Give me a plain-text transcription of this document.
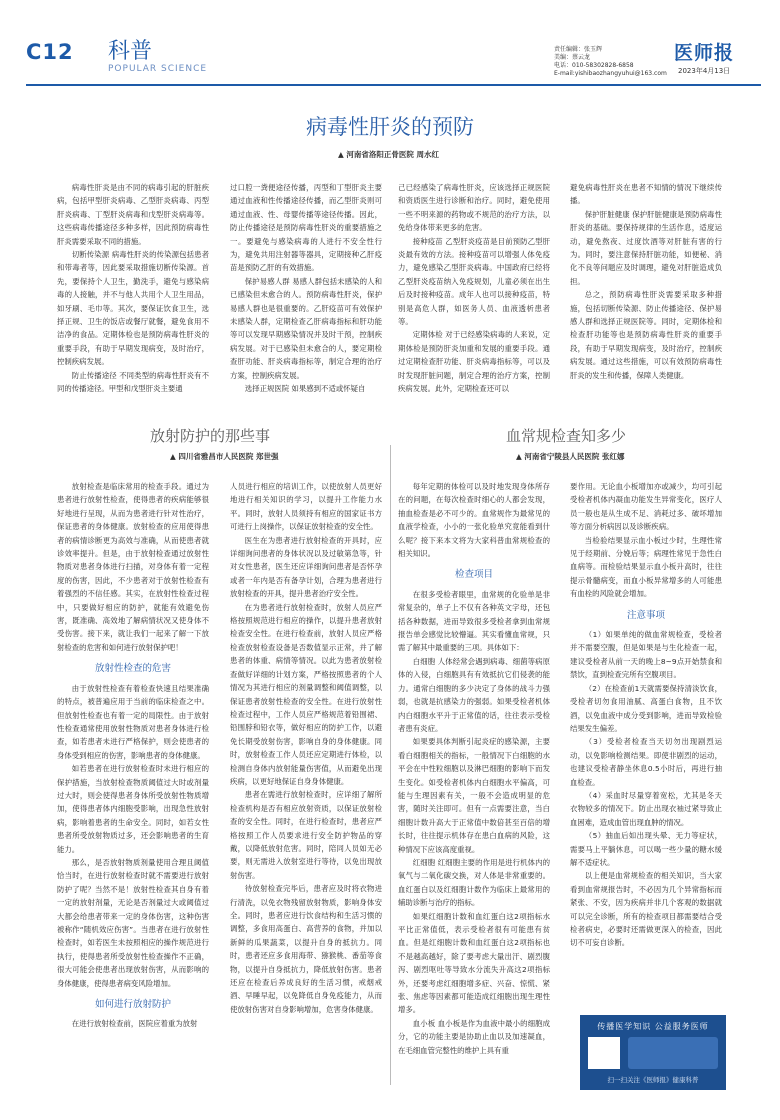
C12 科普
POPULAR SCIENCE
责任编辑：张玉辉
美编：蔡云龙
电话：010-58302828-6858
E-mail:yishibaozhangyuhui@163.com
医师报
2023年4月13日
病毒性肝炎的预防
▲ 河南省洛阳正骨医院 周水红

病毒性肝炎是由不同的病毒引起的肝脏疾病，包括甲型肝炎病毒、乙型肝炎病毒、丙型肝炎病毒、丁型肝炎病毒和戊型肝炎病毒等。这些病毒传播途径多种多样，因此预防病毒性肝炎需要采取不同的措施。

切断传染源 病毒性肝炎的传染源包括患者和带毒者等，因此要采取措施切断传染源。首先，要保持个人卫生，勤洗手，避免与感染病毒的人接触，并不与他人共用个人卫生用品，如牙刷、毛巾等。其次，要保证饮食卫生，选择正规、卫生的饭店或餐厅就餐，避免食用不洁净的食品。定期体检也是预防病毒性肝炎的重要手段，有助于早期发现病变，及时治疗，控制疾病发展。

防止传播途径 不同类型的病毒性肝炎有不同的传播途径。甲型和戊型肝炎主要通

过口腔一粪便途径传播，丙型和丁型肝炎主要通过血液和性传播途径传播，而乙型肝炎则可通过血液、性、母婴传播等途径传播。因此，防止传播途径是预防病毒性肝炎的重要措施之一。要避免与感染病毒的人进行不安全性行为，避免共用注射器等器具，定期接种乙肝疫苗是预防乙肝的有效措施。

保护易感人群 易感人群包括未感染的人和已感染但未愈合的人。预防病毒性肝炎，保护易感人群也是很重要的。乙肝疫苗可有效保护未感染人群，定期检查乙肝病毒指标和肝功能等可以发现早期感染情况并及时干预，控制疾病发展。对于已感染但未愈合的人，要定期检查肝功能、肝炎病毒指标等，制定合理的治疗方案，控制疾病发展。

选择正规医院 如果感到不适或怀疑自

己已经感染了病毒性肝炎，应该选择正规医院和资质医生进行诊断和治疗。同时，避免使用一些不明来源的药物或不规范的治疗方法，以免给身体带来更多的危害。

接种疫苗 乙型肝炎疫苗是目前预防乙型肝炎最有效的方法。接种疫苗可以增强人体免疫力，避免感染乙型肝炎病毒。中国政府已经将乙型肝炎疫苗纳入免疫规划，儿童必须在出生后及时接种疫苗。成年人也可以接种疫苗，特别是高危人群，如医务人员、血液透析患者等。

定期体检 对于已经感染病毒的人来说，定期体检是预防肝炎加重和发展的重要手段。通过定期检查肝功能、肝炎病毒指标等，可以及时发现肝脏问题，制定合理的治疗方案，控制疾病发展。此外，定期检查还可以

避免病毒性肝炎在患者不知情的情况下继续传播。

保护肝脏健康 保护肝脏健康是预防病毒性肝炎的基础。要保持规律的生活作息，适度运动，避免熬夜、过度饮酒等对肝脏有害的行为。同时，要注意保持肝脏功能，如便秘、消化不良等问题应及时调理，避免对肝脏造成负担。

总之，预防病毒性肝炎需要采取多种措施，包括切断传染源、防止传播途径、保护易感人群和选择正规医院等。同时，定期体检和检查肝功能等也是预防病毒性肝炎的重要手段，有助于早期发现病变，及时治疗，控制疾病发展。通过这些措施，可以有效预防病毒性肝炎的发生和传播，保障人类健康。

放射防护的那些事
▲ 四川省雅昌市人民医院 郑世强

放射检查是临床常用的检查手段。通过为患者进行放射性检查，使得患者的疾病能够很好地进行呈现，从而为患者进行针对性治疗，保证患者的身体健康。放射检查的应用使得患者的病情诊断更为高效与准确，从而使患者就诊效率提升。但是，由于放射检查通过放射性物质对患者身体进行扫描，对身体有着一定程度的伤害，因此，不少患者对于放射性检查有着强烈的不信任感。其实，在放射性检查过程中，只要做好相应的防护，就能有效避免伤害，既准确、高效地了解病情状况又使身体不受伤害。接下来，就让我们一起来了解一下放射检查的危害和如何进行放射保护吧！

放射性检查的危害

由于放射性检查有着检查快速且结果准确的特点，被普遍应用于当前的临床检查之中。但放射性检查也有着一定的局限性。由于放射性检查通常使用放射性物质对患者身体进行检查，如若患者未进行严格保护，则会使患者的身体受到相应的伤害，影响患者的身体健康。

如若患者在进行放射检查时未进行相应的保护措施，当放射检查物质阈值过大时或剂量过大时，则会使得患者身体所受放射性物质增加，使得患者体内细胞受影响，出现急性放射病，影响着患者的生命安全。同时，如若女性患者所受放射物质过多，还会影响患者的生育能力。

那么，是否放射物质剂量使用合理且阈值恰当时，在进行放射检查时就不需要进行放射防护了呢？当然不是！放射性检查其自身有着一定的放射剂量，无论是否剂量过大或阈值过大都会给患者带来一定的身体伤害，这种伤害被称作“随机效应伤害”。当患者在进行放射性检查时，如若医生未按照相应的操作规范进行执行，使得患者所受放射性检查操作不正确，很大可能会使患者出现放射伤害，从而影响的身体健康，使得患者病变风险增加。

如何进行放射防护

在进行放射检查前，医院应着重为放射

人员进行相应的培训工作，以使放射人员更好地进行相关知识的学习，以提升工作能力水平。同时，放射人员须持有相应的国家证书方可进行上岗操作，以保证放射检查的安全性。

医生在为患者进行放射检查的开具时，应详细询问患者的身体状况以及过敏第急等，针对女性患者，医生还应详细询问患者是否怀孕或者一年内是否有备孕计划，合理为患者进行放射检查的开具，提升患者治疗安全性。

在为患者进行放射检查时，放射人员应严格按照规范进行相应的操作，以提升患者放射检查安全性。在进行检查前，放射人员应严格检查放射检查设备是否数值显示正常，并了解患者的体重、病情等情况。以此为患者放射检查做好详细的计划方案，严格按照患者的个人情况为其进行相应的剂量调整和阈值调整，以保证患者放射性检查的安全性。在进行放射性检查过程中，工作人员应严格规范着铅围裙、铅围脖和铅衣等，做好相应的防护工作，以避免长期受放射伤害，影响自身的身体健康。同时，放射检查工作人员还应定期进行体检，以检测自身体内放射能量伤害值，从而避免出现疾病，以更好地保证自身身体健康。

患者在需进行放射检查时，应详细了解所检查机构是否有相应放射资质，以保证放射检查的安全性。同时，在进行检查时，患者应严格按照工作人员要求进行安全防护物品的穿戴，以降低放射危害。同时，陪同人员如无必要，则无需进入放射室进行等待，以免出现放射伤害。

待放射检查完毕后，患者应及时将衣物进行清洗，以免衣物残留放射物质，影响身体安全。同时，患者应进行饮食结构和生活习惯的调整，多食用高蛋白、高营养的食物，并加以新鲜的瓜果蔬菜，以提升自身的抵抗力。同时，患者还应多食用海带、猕猴桃、番茄等食物，以提升自身抵抗力，降低放射伤害。患者还应在检查后养成良好的生活习惯，戒烟戒酒、早睡早起，以免降低自身免疫能力，从而使放射伤害对自身影响增加，危害身体健康。

血常规检查知多少
▲ 河南省宁陵县人民医院 张红娜

每年定期的体检可以及时地发现身体所存在的问题，在每次检查时细心的人都会发现，抽血检查是必不可少的。血常规作为最常见的血液学检查，小小的一张化验单究竟能看到什么呢？接下来本文将为大家科普血常规检查的相关知识。

检查项目

在很多受检者眼里，血常规的化验单是非常复杂的，单子上不仅有各种英文字母，还包括各种数据，进而导致很多受检者拿到血常规报告单会感觉比较懵逼。其实看懂血常规，只需了解其中最重要的三项。具体如下：

白细胞 人体经常会遇到病毒、细菌等病原体的入侵，白细胞具有有效抵抗它们侵袭的能力。通常白细胞的多少决定了身体的战斗力强弱，也就是抗感染力的强弱。如果受检者机体内白细胞水平升于正常值的话，往往表示受检者患有炎症。

如果要具体判断引起炎症的感染源，主要看白细胞相关的指标，一般情况下白细胞的水平会在中性粒细胞以及淋巴细胞的影响下而发生变化。如受检者机体内白细胞水平偏高，可能与生理因素有关，一般不会造成明显的危害，随时关注即可。但有一点需要注意，当白细胞计数升高大于正常值中数倍甚至百倍的增长时，往往提示机体存在患白血病的风险，这种情况下应该高度重视。

红细胞 红细胞主要的作用是进行机体内的氧气与二氧化碳交换，对人体是非常重要的。血红蛋白以及红细胞计数作为临床上最常用的辅助诊断与治疗的指标。

如果红细胞计数和血红蛋白这2项指标水平比正常值低，表示受检者很有可能患有贫血。但是红细胞计数和血红蛋白这2项指标也不是越高越好，除了要考虑大量出汗、剧烈腹泻、剧烈呕吐等导致水分流失升高这2项指标外，还要考虑红细胞增多症、兴奋、惊慌、紧张、焦虑等因素都可能造成红细胞出现生理性增多。

血小板 血小板是作为血液中最小的细胞成分，它的功能主要是协助止血以及加速凝血，在毛细血管完整性的维护上具有重

要作用。无论血小板增加亦或减少，均可引起受检者机体内凝血功能发生异常变化，医疗人员一般也是从生成不足、消耗过多、破坏增加等方面分析病因以及诊断疾病。

当检验结果显示血小板过少时，生理性常见于经期前、分娩后等；病理性常见于急性白血病等。而检验结果显示血小板升高时，往往提示骨髓病变，而血小板异常增多的人可能患有血栓的风险就会增加。

注意事项

（1）如果单纯的做血常规检查，受检者并不需要空腹，但是如果是与生化检查一起，建议受检者从前一天的晚上8~9点开始禁食和禁饮，直到检查完所有空腹项目。

（2）在检查前1天就需要保持清淡饮食，受检者切勿食用油腻、高蛋白食物，且不饮酒，以免血液中成分受到影响，进而导致检验结果发生偏差。

（3）受检者检查当天切勿出现剧烈运动，以免影响检测结果。即使非剧烈的运动，也建议受检者静坐休息0.5小时后，再进行抽血检查。

（4）采血时尽量穿着宽松，尤其是冬天衣物较多的情况下。防止出现衣袖过紧导致止血困难，造成血管出现血肿的情况。

（5）抽血后如出现头晕、无力等症状，需要马上平躺休息，可以喝一些少量的糖水缓解不适症状。

以上便是血常规检查的相关知识，当大家看到血常规报告时，不必因为几个异常指标而紧张、不安，因为疾病并非几个客观的数据就可以完全诊断，所有的检查项目都需要结合受检者病史，必要时还需做更深入的检查，因此切不可妄自诊断。

传播医学知识 公益服务医师
扫一扫关注《医师报》健康科普
